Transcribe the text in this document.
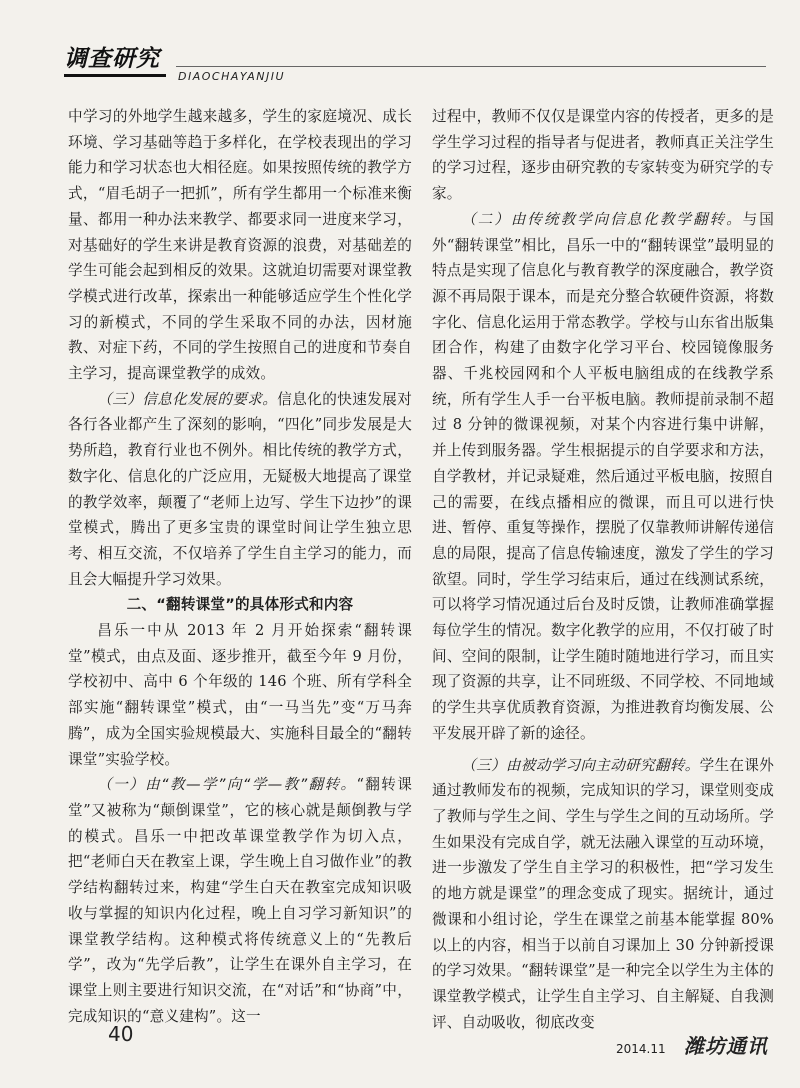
调查研究
DIAOCHAYANJIU

中学习的外地学生越来越多，学生的家庭境况、成长环境、学习基础等趋于多样化，在学校表现出的学习能力和学习状态也大相径庭。如果按照传统的教学方式，“眉毛胡子一把抓”，所有学生都用一个标准来衡量、都用一种办法来教学、都要求同一进度来学习，对基础好的学生来讲是教育资源的浪费，对基础差的学生可能会起到相反的效果。这就迫切需要对课堂教学模式进行改革，探索出一种能够适应学生个性化学习的新模式，不同的学生采取不同的办法，因材施教、对症下药，不同的学生按照自己的进度和节奏自主学习，提高课堂教学的成效。

（三）信息化发展的要求。信息化的快速发展对各行各业都产生了深刻的影响，“四化”同步发展是大势所趋，教育行业也不例外。相比传统的教学方式，数字化、信息化的广泛应用，无疑极大地提高了课堂的教学效率，颠覆了“老师上边写、学生下边抄”的课堂模式，腾出了更多宝贵的课堂时间让学生独立思考、相互交流，不仅培养了学生自主学习的能力，而且会大幅提升学习效果。

二、“翻转课堂”的具体形式和内容

昌乐一中从 2013 年 2 月开始探索“翻转课堂”模式，由点及面、逐步推开，截至今年 9 月份，学校初中、高中 6 个年级的 146 个班、所有学科全部实施“翻转课堂”模式，由“一马当先”变“万马奔腾”，成为全国实验规模最大、实施科目最全的“翻转课堂”实验学校。

（一）由“教—学”向“学—教”翻转。“翻转课堂”又被称为“颠倒课堂”，它的核心就是颠倒教与学的模式。昌乐一中把改革课堂教学作为切入点，把“老师白天在教室上课，学生晚上自习做作业”的教学结构翻转过来，构建“学生白天在教室完成知识吸收与掌握的知识内化过程，晚上自习学习新知识”的课堂教学结构。这种模式将传统意义上的“先教后学”，改为“先学后教”，让学生在课外自主学习，在课堂上则主要进行知识交流，在“对话”和“协商”中，完成知识的“意义建构”。这一

过程中，教师不仅仅是课堂内容的传授者，更多的是学生学习过程的指导者与促进者，教师真正关注学生的学习过程，逐步由研究教的专家转变为研究学的专家。

（二）由传统教学向信息化教学翻转。与国外“翻转课堂”相比，昌乐一中的“翻转课堂”最明显的特点是实现了信息化与教育教学的深度融合，教学资源不再局限于课本，而是充分整合软硬件资源，将数字化、信息化运用于常态教学。学校与山东省出版集团合作，构建了由数字化学习平台、校园镜像服务器、千兆校园网和个人平板电脑组成的在线教学系统，所有学生人手一台平板电脑。教师提前录制不超过 8 分钟的微课视频，对某个内容进行集中讲解，并上传到服务器。学生根据提示的自学要求和方法，自学教材，并记录疑难，然后通过平板电脑，按照自己的需要，在线点播相应的微课，而且可以进行快进、暂停、重复等操作，摆脱了仅靠教师讲解传递信息的局限，提高了信息传输速度，激发了学生的学习欲望。同时，学生学习结束后，通过在线测试系统，可以将学习情况通过后台及时反馈，让教师准确掌握每位学生的情况。数字化教学的应用，不仅打破了时间、空间的限制，让学生随时随地进行学习，而且实现了资源的共享，让不同班级、不同学校、不同地域的学生共享优质教育资源，为推进教育均衡发展、公平发展开辟了新的途径。

（三）由被动学习向主动研究翻转。学生在课外通过教师发布的视频，完成知识的学习，课堂则变成了教师与学生之间、学生与学生之间的互动场所。学生如果没有完成自学，就无法融入课堂的互动环境，进一步激发了学生自主学习的积极性，把“学习发生的地方就是课堂”的理念变成了现实。据统计，通过微课和小组讨论，学生在课堂之前基本能掌握 80% 以上的内容，相当于以前自习课加上 30 分钟新授课的学习效果。“翻转课堂”是一种完全以学生为主体的课堂教学模式，让学生自主学习、自主解疑、自我测评、自动吸收，彻底改变

40
2014.11 潍坊通讯
